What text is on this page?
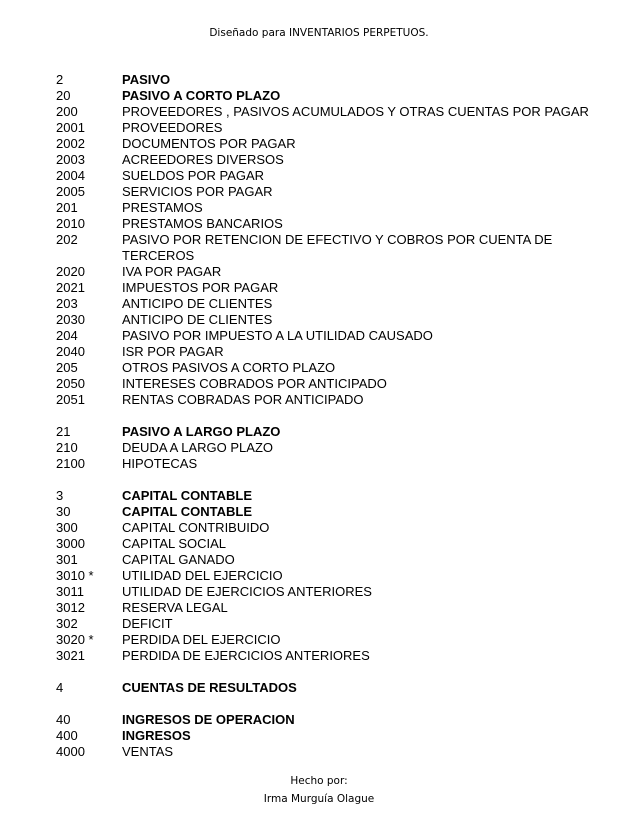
Diseñado para INVENTARIOS PERPETUOS.
2	PASIVO
20	PASIVO A CORTO PLAZO
200	PROVEEDORES , PASIVOS ACUMULADOS Y OTRAS CUENTAS POR PAGAR
2001	PROVEEDORES
2002	DOCUMENTOS POR PAGAR
2003	ACREEDORES DIVERSOS
2004	SUELDOS POR PAGAR
2005	SERVICIOS POR PAGAR
201	PRESTAMOS
2010	PRESTAMOS BANCARIOS
202	PASIVO POR RETENCION DE EFECTIVO Y COBROS POR CUENTA DE TERCEROS
2020	IVA POR PAGAR
2021	IMPUESTOS POR PAGAR
203	ANTICIPO DE CLIENTES
2030	ANTICIPO DE CLIENTES
204	PASIVO POR IMPUESTO A LA UTILIDAD CAUSADO
2040	ISR POR PAGAR
205	OTROS PASIVOS A CORTO PLAZO
2050	INTERESES COBRADOS POR ANTICIPADO
2051	RENTAS COBRADAS POR ANTICIPADO
21	PASIVO A LARGO PLAZO
210	DEUDA A LARGO PLAZO
2100	HIPOTECAS
3	CAPITAL CONTABLE
30	CAPITAL CONTABLE
300	CAPITAL CONTRIBUIDO
3000	CAPITAL SOCIAL
301	CAPITAL GANADO
3010 *	UTILIDAD DEL EJERCICIO
3011	UTILIDAD DE EJERCICIOS ANTERIORES
3012	RESERVA LEGAL
302	DEFICIT
3020 *	PERDIDA DEL EJERCICIO
3021	PERDIDA DE EJERCICIOS ANTERIORES
4	CUENTAS DE RESULTADOS
40	INGRESOS DE OPERACION
400	INGRESOS
4000	VENTAS
Hecho por:
Irma Murguía Olague
